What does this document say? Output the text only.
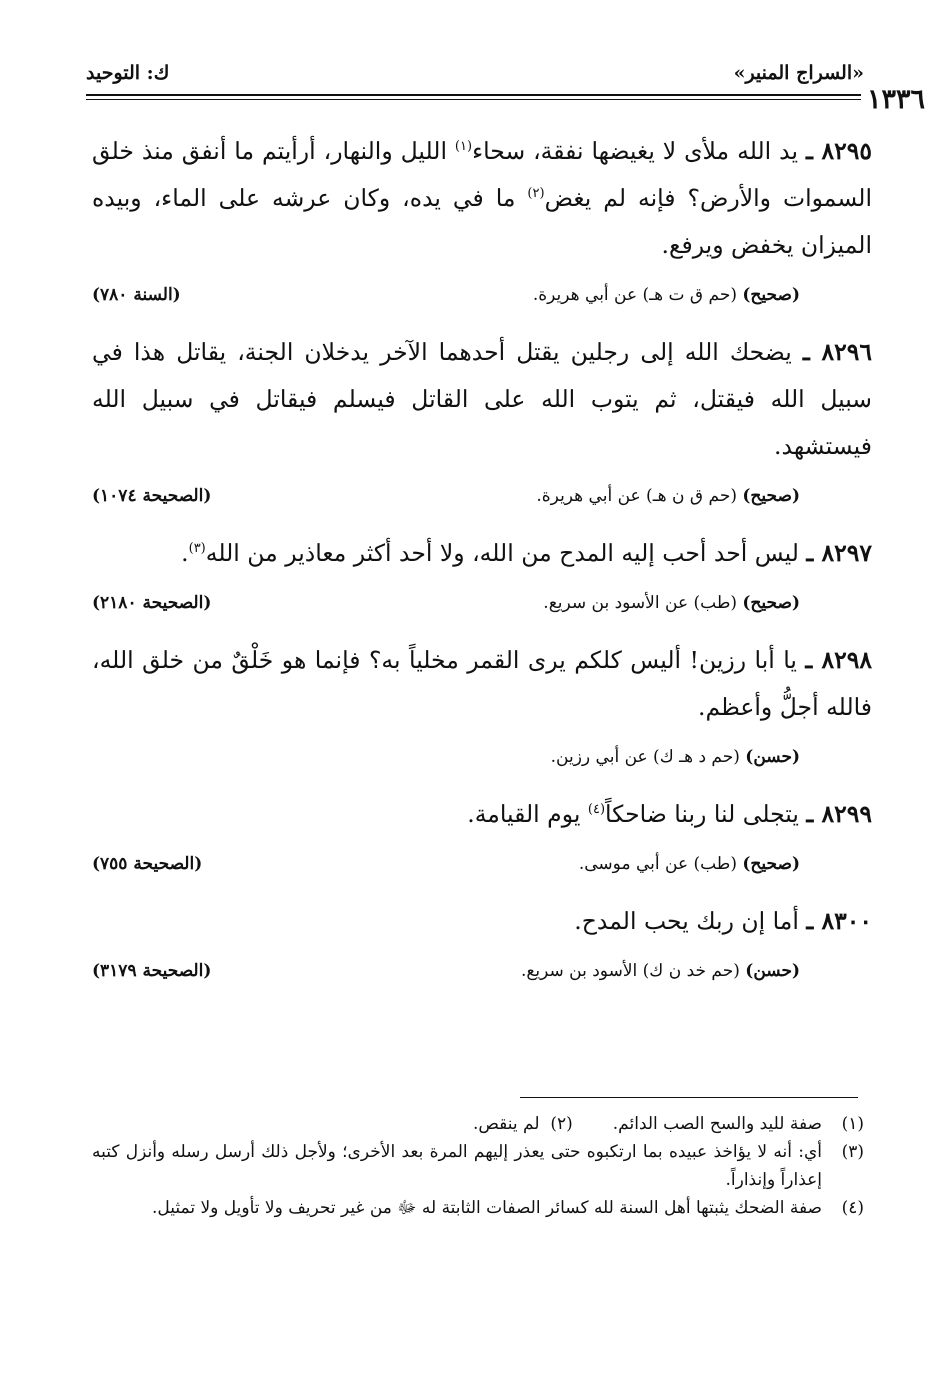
«السراج المنير»
ك: التوحيد
١٣٣٦
٨٢٩٥ ـ يد الله ملأى لا يغيضها نفقة، سحاء$^{(١)}$ الليل والنهار، أرأيتم ما أنفق منذ خلق السموات والأرض؟ فإنه لم يغض$^{(٢)}$ ما في يده، وكان عرشه على الماء، وبيده الميزان يخفض ويرفع.
(صحيح) (حم ق ت هـ) عن أبي هريرة.
(السنة ٧٨٠)
٨٢٩٦ ـ يضحك الله إلى رجلين يقتل أحدهما الآخر يدخلان الجنة، يقاتل هذا في سبيل الله فيقتل، ثم يتوب الله على القاتل فيسلم فيقاتل في سبيل الله فيستشهد.
(صحيح) (حم ق ن هـ) عن أبي هريرة.
(الصحيحة ١٠٧٤)
٨٢٩٧ ـ ليس أحد أحب إليه المدح من الله، ولا أحد أكثر معاذير من الله$^{(٣)}$.
(صحيح) (طب) عن الأسود بن سريع.
(الصحيحة ٢١٨٠)
٨٢٩٨ ـ يا أبا رزين! أليس كلكم يرى القمر مخلياً به؟ فإنما هو خَلْقٌ من خلق الله، فالله أجلُّ وأعظم.
(حسن) (حم د هـ ك) عن أبي رزين.
٨٢٩٩ ـ يتجلى لنا ربنا ضاحكاً$^{(٤)}$ يوم القيامة.
(صحيح) (طب) عن أبي موسى.
(الصحيحة ٧٥٥)
٨٣٠٠ ـ أما إن ربك يحب المدح.
(حسن) (حم خد ن ك) الأسود بن سريع.
(الصحيحة ٣١٧٩)
(١)
صفة لليد والسح الصب الدائم.(٢)  لم ينقص.
(٣)
أي: أنه لا يؤاخذ عبيده بما ارتكبوه حتى يعذر إليهم المرة بعد الأخرى؛ ولأجل ذلك أرسل رسله وأنزل كتبه إعذاراً وإنذاراً.
(٤)
صفة الضحك يثبتها أهل السنة لله كسائر الصفات الثابتة له ﷻ من غير تحريف ولا تأويل ولا تمثيل.
